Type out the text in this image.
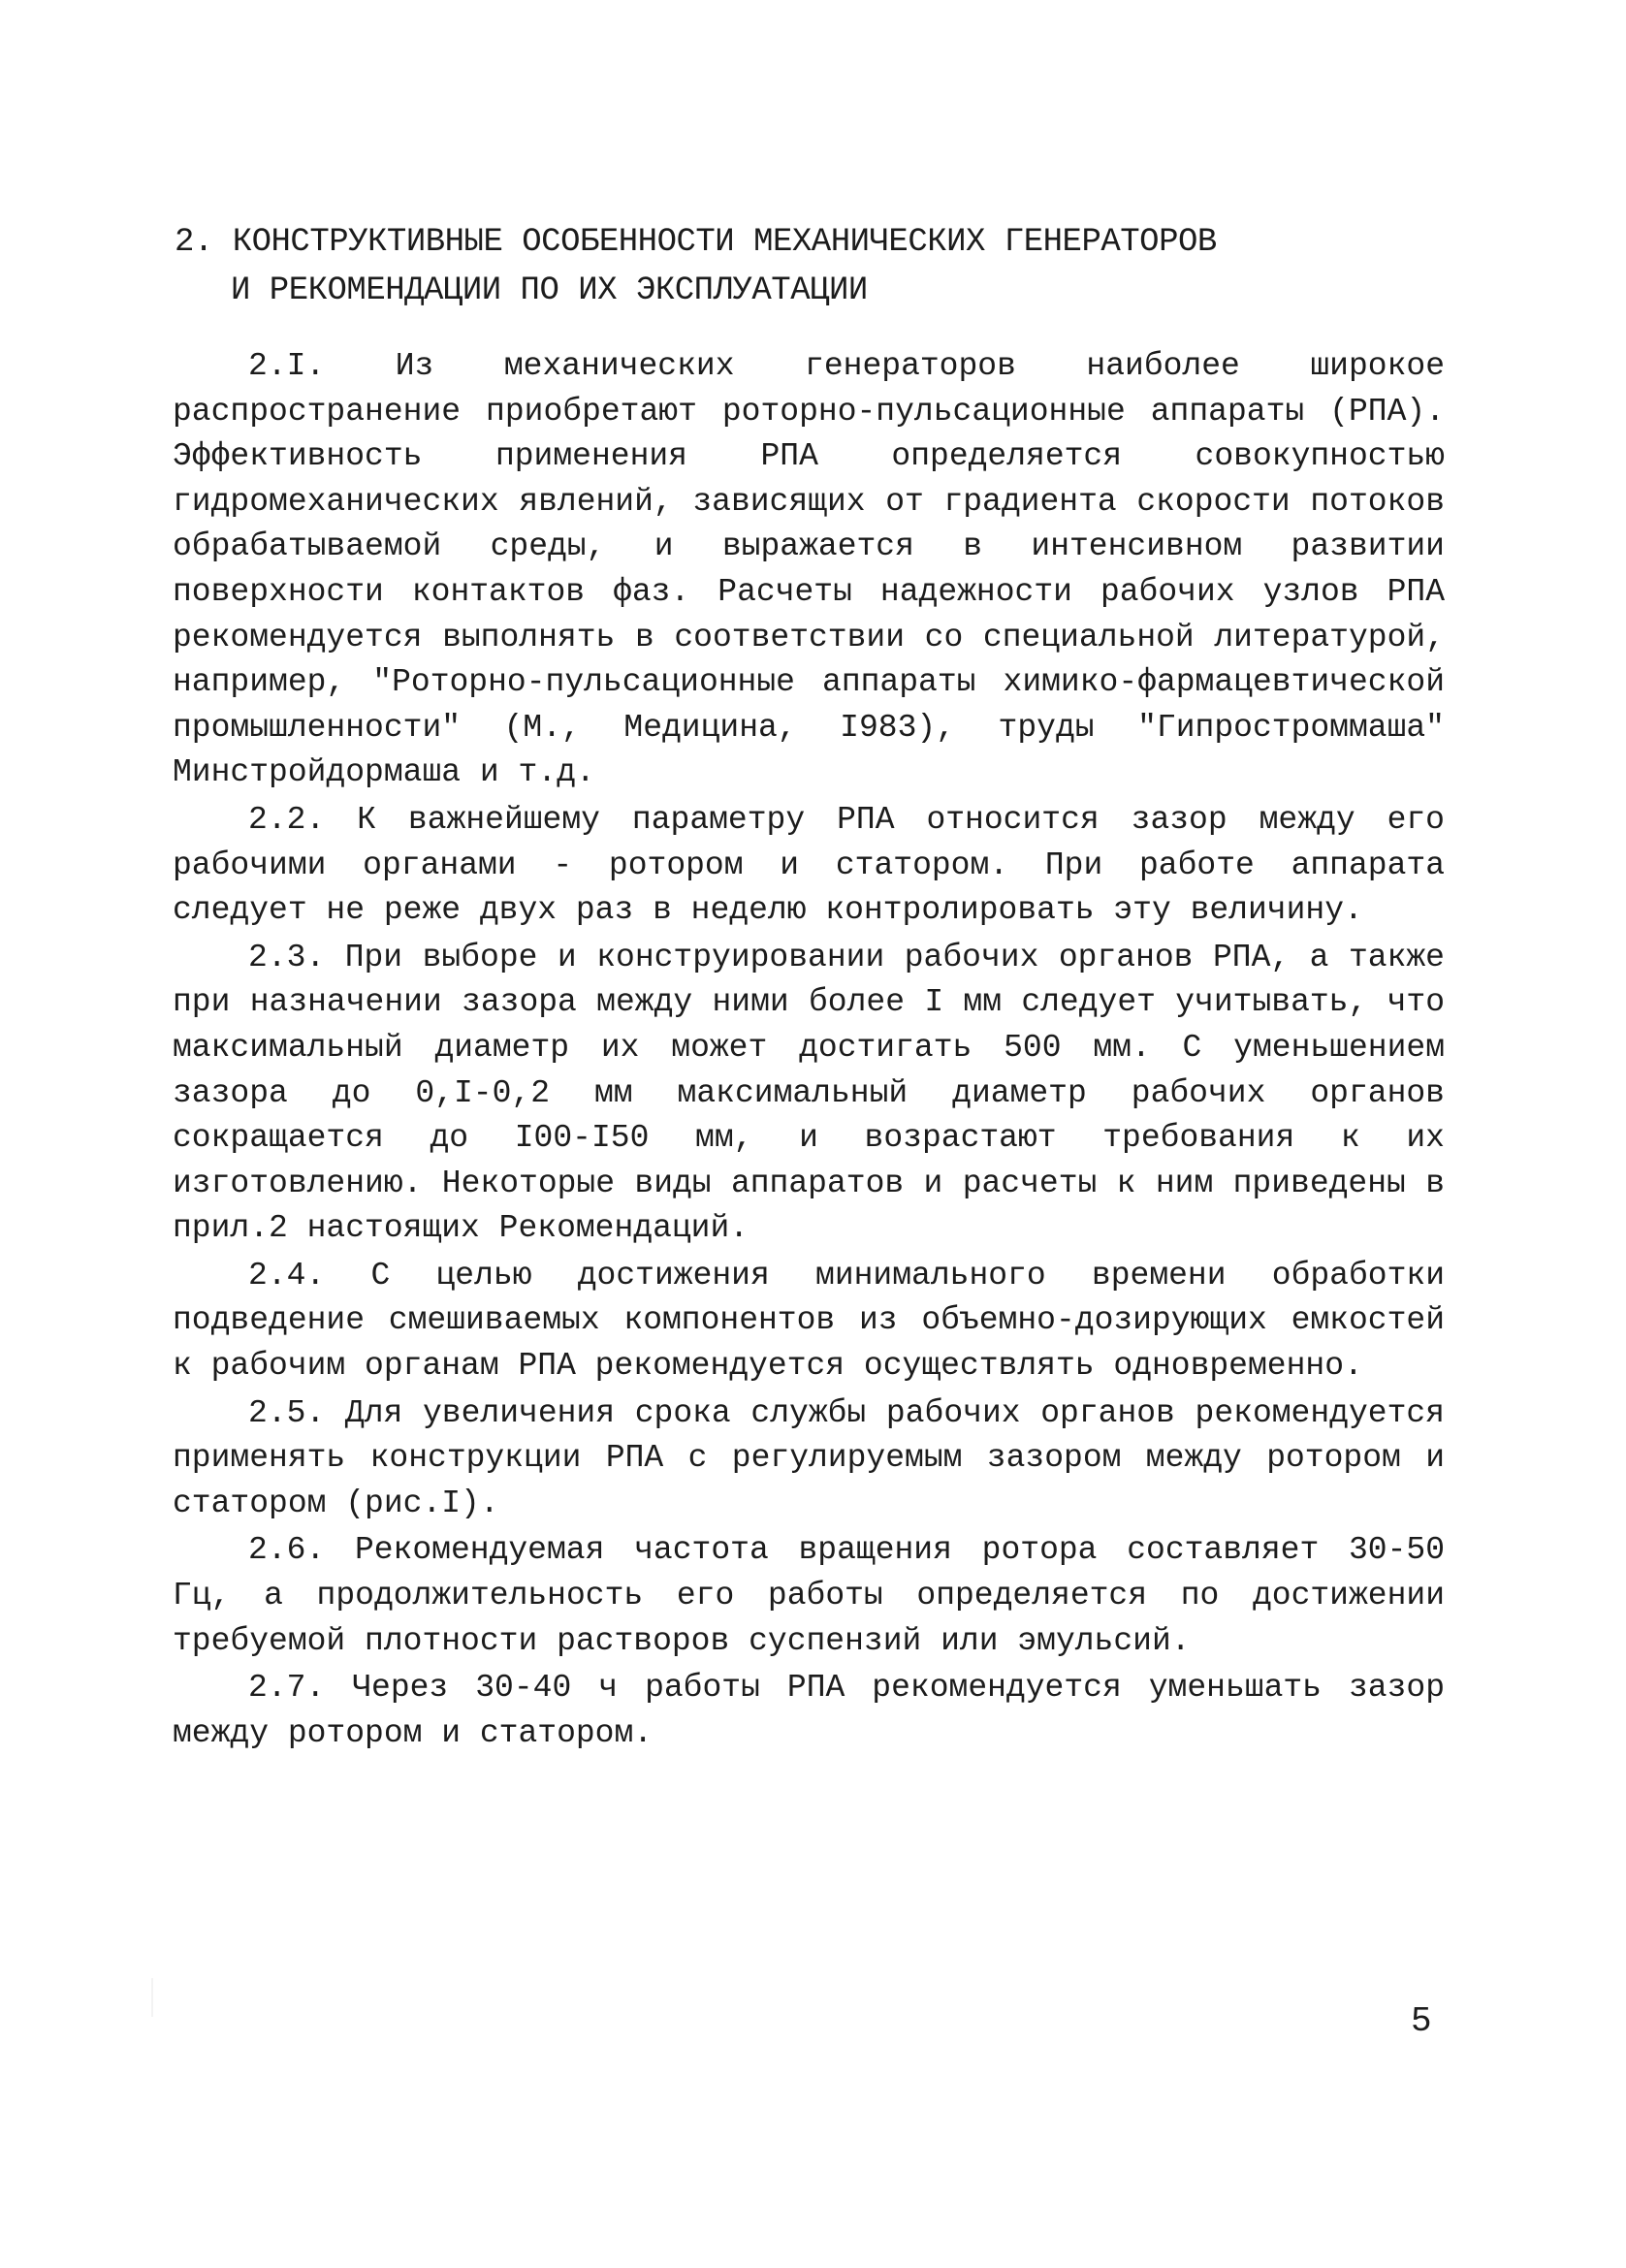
2. КОНСТРУКТИВНЫЕ ОСОБЕННОСТИ МЕХАНИЧЕСКИХ ГЕНЕРАТОРОВ
И РЕКОМЕНДАЦИИ ПО ИХ ЭКСПЛУАТАЦИИ

2.I. Из механических генераторов наиболее широкое распространение приобретают роторно-пульсационные аппараты (РПА). Эффективность применения РПА определяется совокупностью гидромеханических явлений, зависящих от градиента скорости потоков обрабатываемой среды, и выражается в интенсивном развитии поверхности контактов фаз. Расчеты надежности рабочих узлов РПА рекомендуется выполнять в соответствии со специальной литературой, например, "Роторно-пульсационные аппараты химико-фармацевтической промышленности" (М., Медицина, I983), труды "Гипростроммаша" Минстройдормаша и т.д.

2.2. К важнейшему параметру РПА относится зазор между его рабочими органами - ротором и статором. При работе аппарата следует не реже двух раз в неделю контролировать эту величину.

2.3. При выборе и конструировании рабочих органов РПА, а также при назначении зазора между ними более I мм следует учитывать, что максимальный диаметр их может достигать 500 мм. С уменьшением зазора до 0,I-0,2 мм максимальный диаметр рабочих органов сокращается до I00-I50 мм, и возрастают требования к их изготовлению. Некоторые виды аппаратов и расчеты к ним приведены в прил.2 настоящих Рекомендаций.

2.4. С целью достижения минимального времени обработки подведение смешиваемых компонентов из объемно-дозирующих емкостей к рабочим органам РПА рекомендуется осуществлять одновременно.

2.5. Для увеличения срока службы рабочих органов рекомендуется применять конструкции РПА с регулируемым зазором между ротором и статором (рис.I).

2.6. Рекомендуемая частота вращения ротора составляет 30-50 Гц, а продолжительность его работы определяется по достижении требуемой плотности растворов суспензий или эмульсий.

2.7. Через 30-40 ч работы РПА рекомендуется уменьшать зазор между ротором и статором.

5
